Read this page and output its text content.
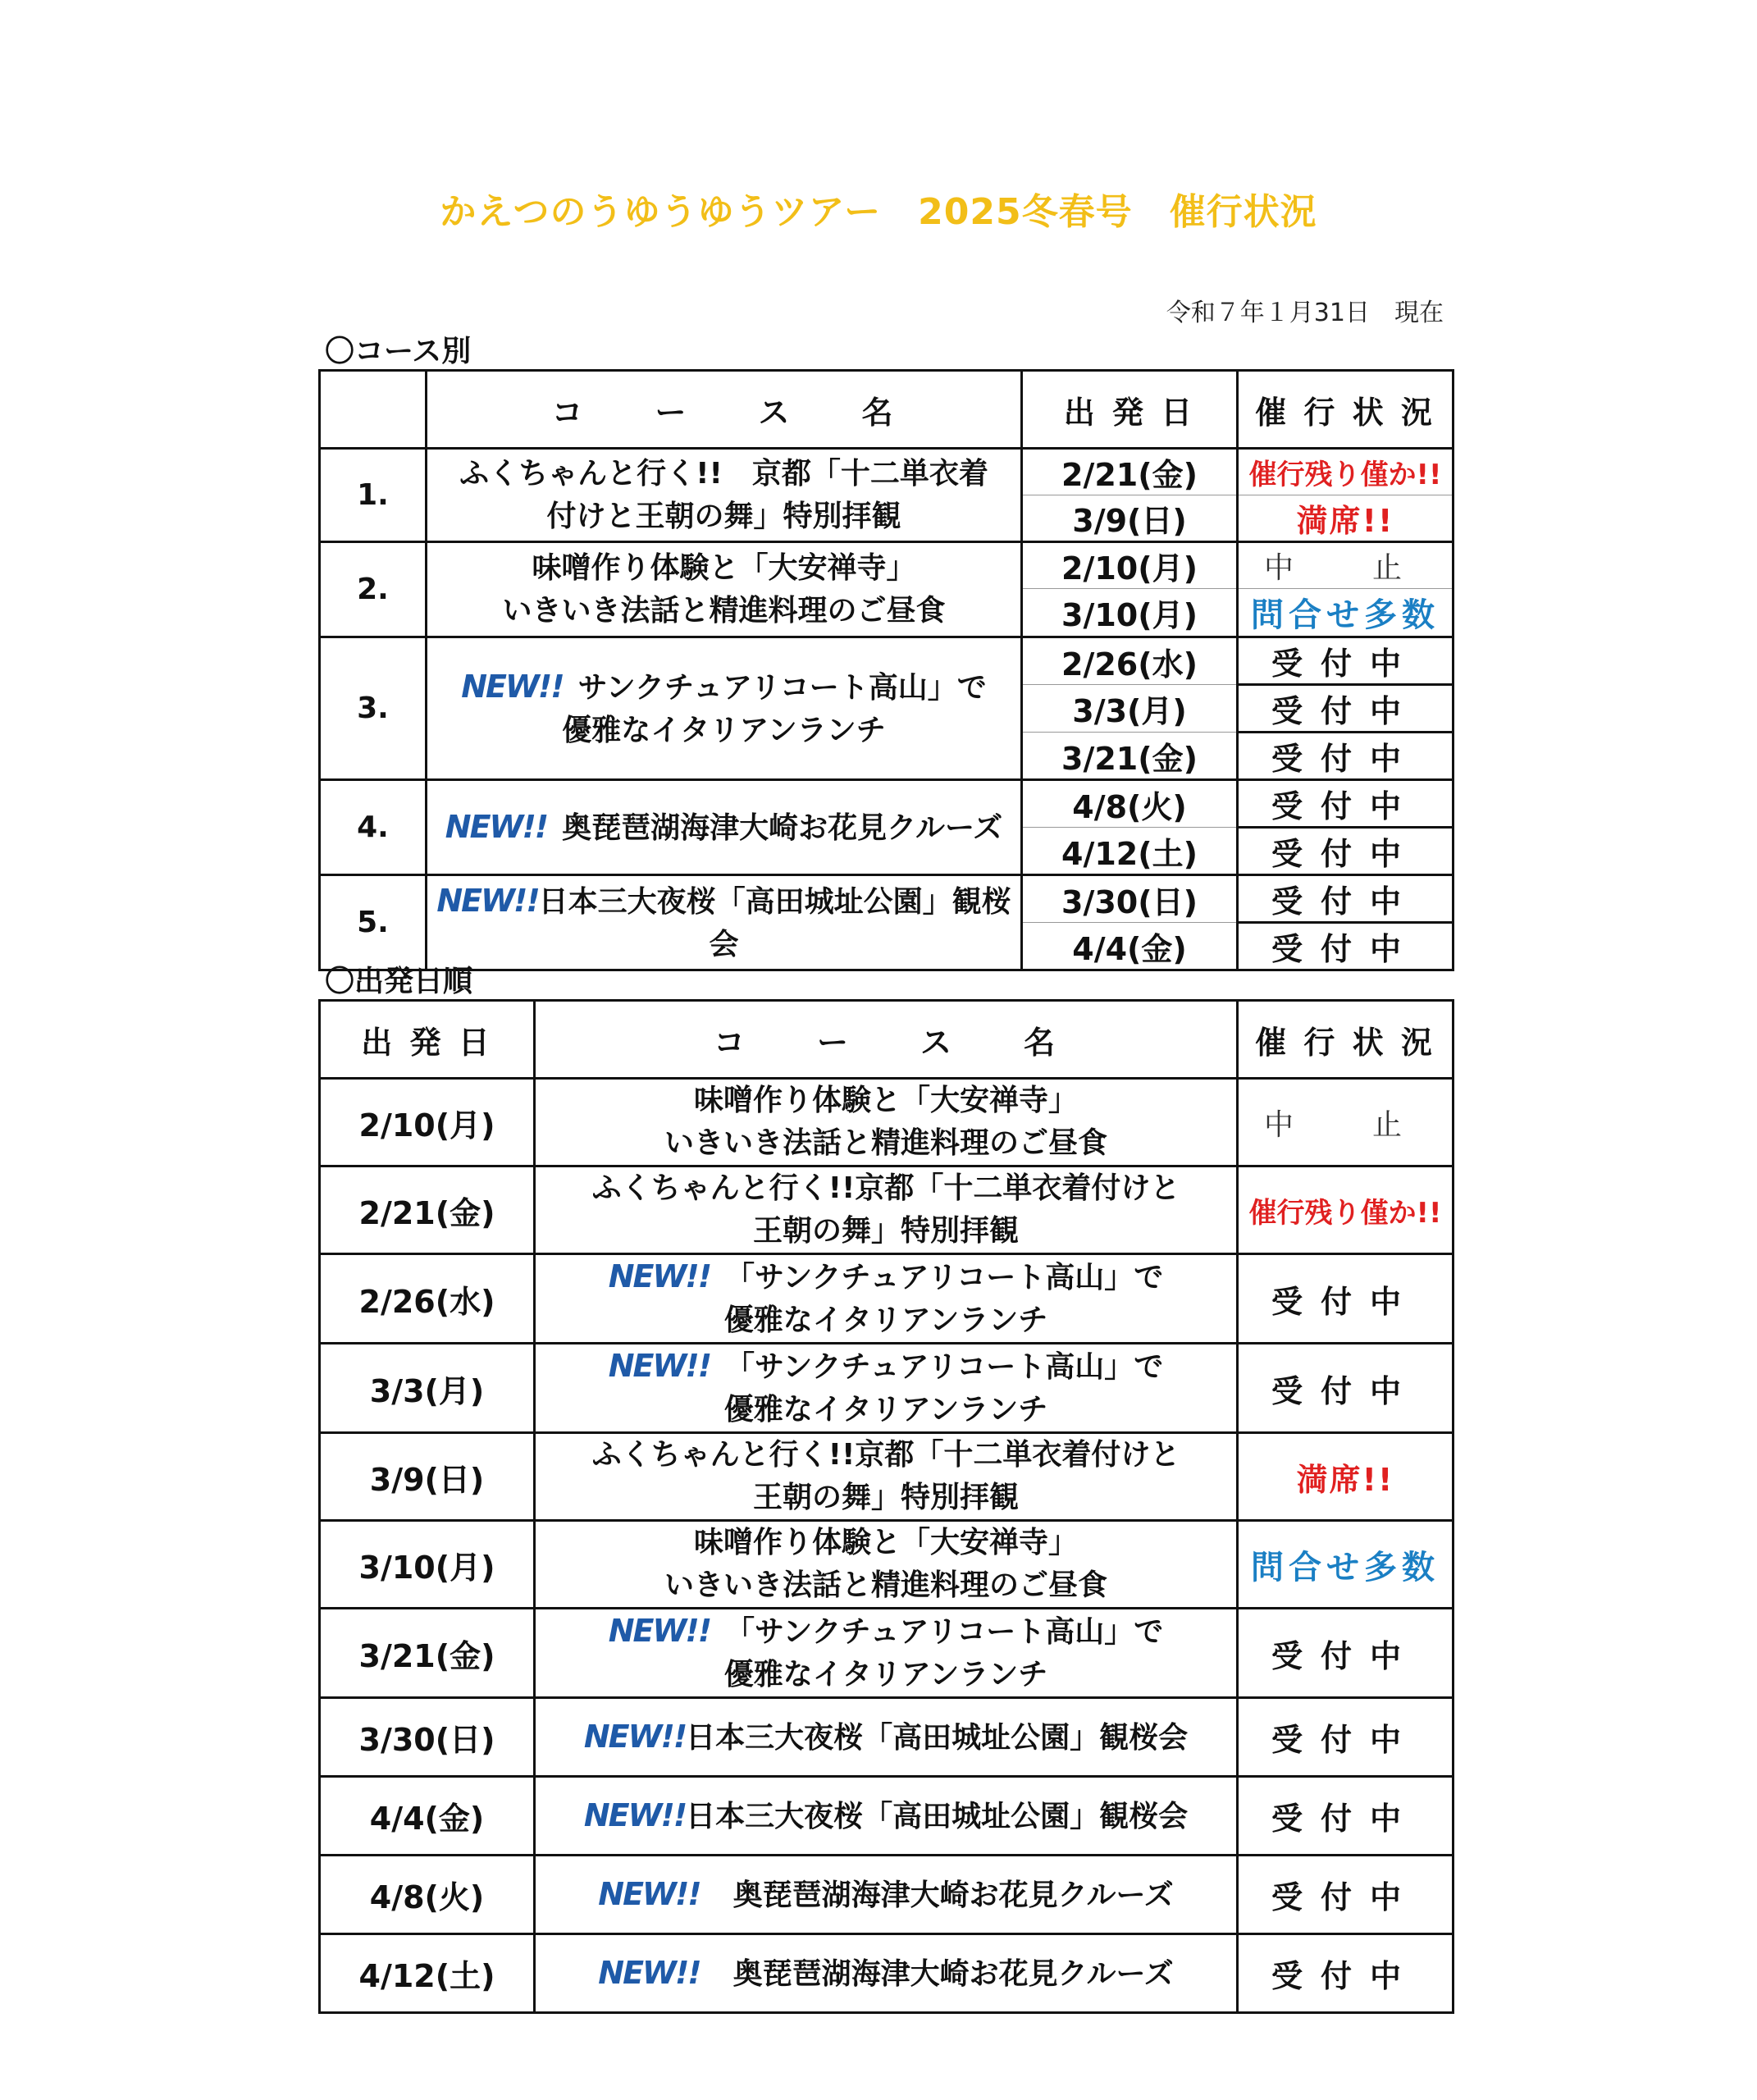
かえつのうゆうゆうツアー　2025冬春号　催行状況
令和７年１月31日　現在
〇コース別
	コ　　ー　　ス　　名	出 発 日	催 行 状 況
1.	ふくちゃんと行く!!　京都「十二単衣着
付けと王朝の舞」特別拝観	2/21(金)	催行残り僅か!!
		3/9(日)	満席!!
2.	味噌作り体験と「大安禅寺」
いきいき法話と精進料理のご昼食	2/10(月)	中　止
		3/10(月)	問合せ多数
3.	NEW!! サンクチュアリコート高山」で
優雅なイタリアンランチ	2/26(水)	受付中
		3/3(月)	受付中
		3/21(金)	受付中
4.	NEW!! 奥琵琶湖海津大崎お花見クルーズ	4/8(火)	受付中
		4/12(土)	受付中
5.	NEW!!日本三大夜桜「高田城址公園」観桜会	3/30(日)	受付中
		4/4(金)	受付中
〇出発日順
出 発 日	コ　　ー　　ス　　名	催 行 状 況
2/10(月)	味噌作り体験と「大安禅寺」
いきいき法話と精進料理のご昼食	中　止
2/21(金)	ふくちゃんと行く!!京都「十二単衣着付けと
王朝の舞」特別拝観	催行残り僅か!!
2/26(水)	NEW!! 「サンクチュアリコート高山」で
優雅なイタリアンランチ	受付中
3/3(月)	NEW!! 「サンクチュアリコート高山」で
優雅なイタリアンランチ	受付中
3/9(日)	ふくちゃんと行く!!京都「十二単衣着付けと
王朝の舞」特別拝観	満席!!
3/10(月)	味噌作り体験と「大安禅寺」
いきいき法話と精進料理のご昼食	問合せ多数
3/21(金)	NEW!! 「サンクチュアリコート高山」で
優雅なイタリアンランチ	受付中
3/30(日)	NEW!!日本三大夜桜「高田城址公園」観桜会	受付中
4/4(金)	NEW!!日本三大夜桜「高田城址公園」観桜会	受付中
4/8(火)	NEW!! 奥琵琶湖海津大崎お花見クルーズ	受付中
4/12(土)	NEW!! 奥琵琶湖海津大崎お花見クルーズ	受付中
